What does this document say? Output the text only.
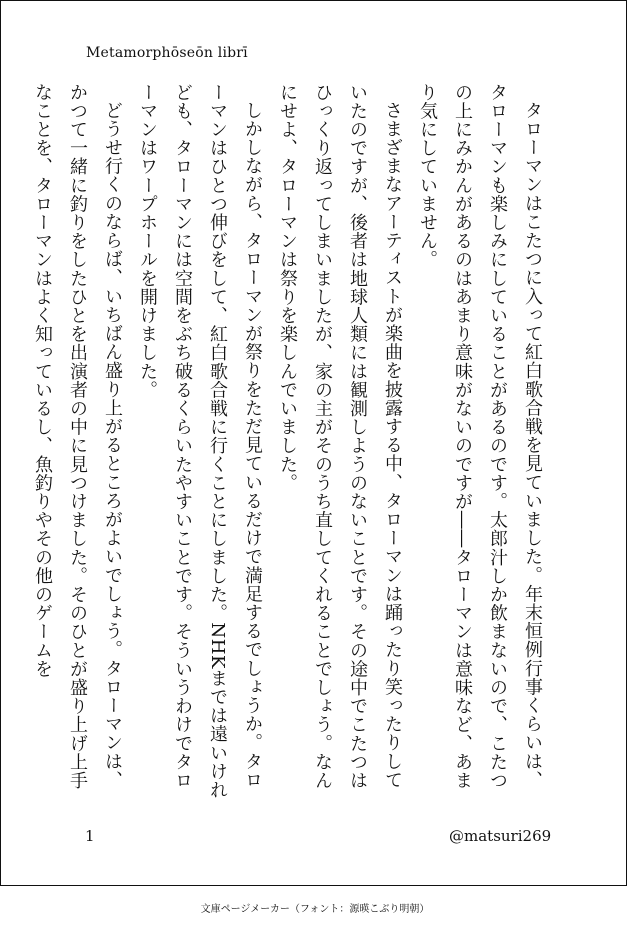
Metamorphōseōn librī

タローマンはこたつに入って紅白歌合戦を見ていました。年末恒例行事くらいは、タローマンも楽しみにしていることがあるのです。太郎汁しか飲まないので、こたつの上にみかんがあるのはあまり意味がないのですが――タローマンは意味など、あまり気にしていません。

さまざまなアーティストが楽曲を披露する中、タローマンは踊ったり笑ったりしていたのですが、後者は地球人類には観測しようのないことです。その途中でこたつはひっくり返ってしまいましたが、家の主がそのうち直してくれることでしょう。なんにせよ、タローマンは祭りを楽しんでいました。

しかしながら、タローマンが祭りをただ見ているだけで満足するでしょうか。タローマンはひとつ伸びをして、紅白歌合戦に行くことにしました。NHKまでは遠いけれども、タローマンには空間をぶち破るくらいたやすいことです。そういうわけでタローマンはワープホールを開けました。

どうせ行くのならば、いちばん盛り上がるところがよいでしょう。タローマンは、かつて一緒に釣りをしたひとを出演者の中に見つけました。そのひとが盛り上げ上手なことを、タローマンはよく知っているし、魚釣りやその他のゲームを

1	@matsuri269
文庫ページメーカー（フォント：源暎こぶり明朝）
